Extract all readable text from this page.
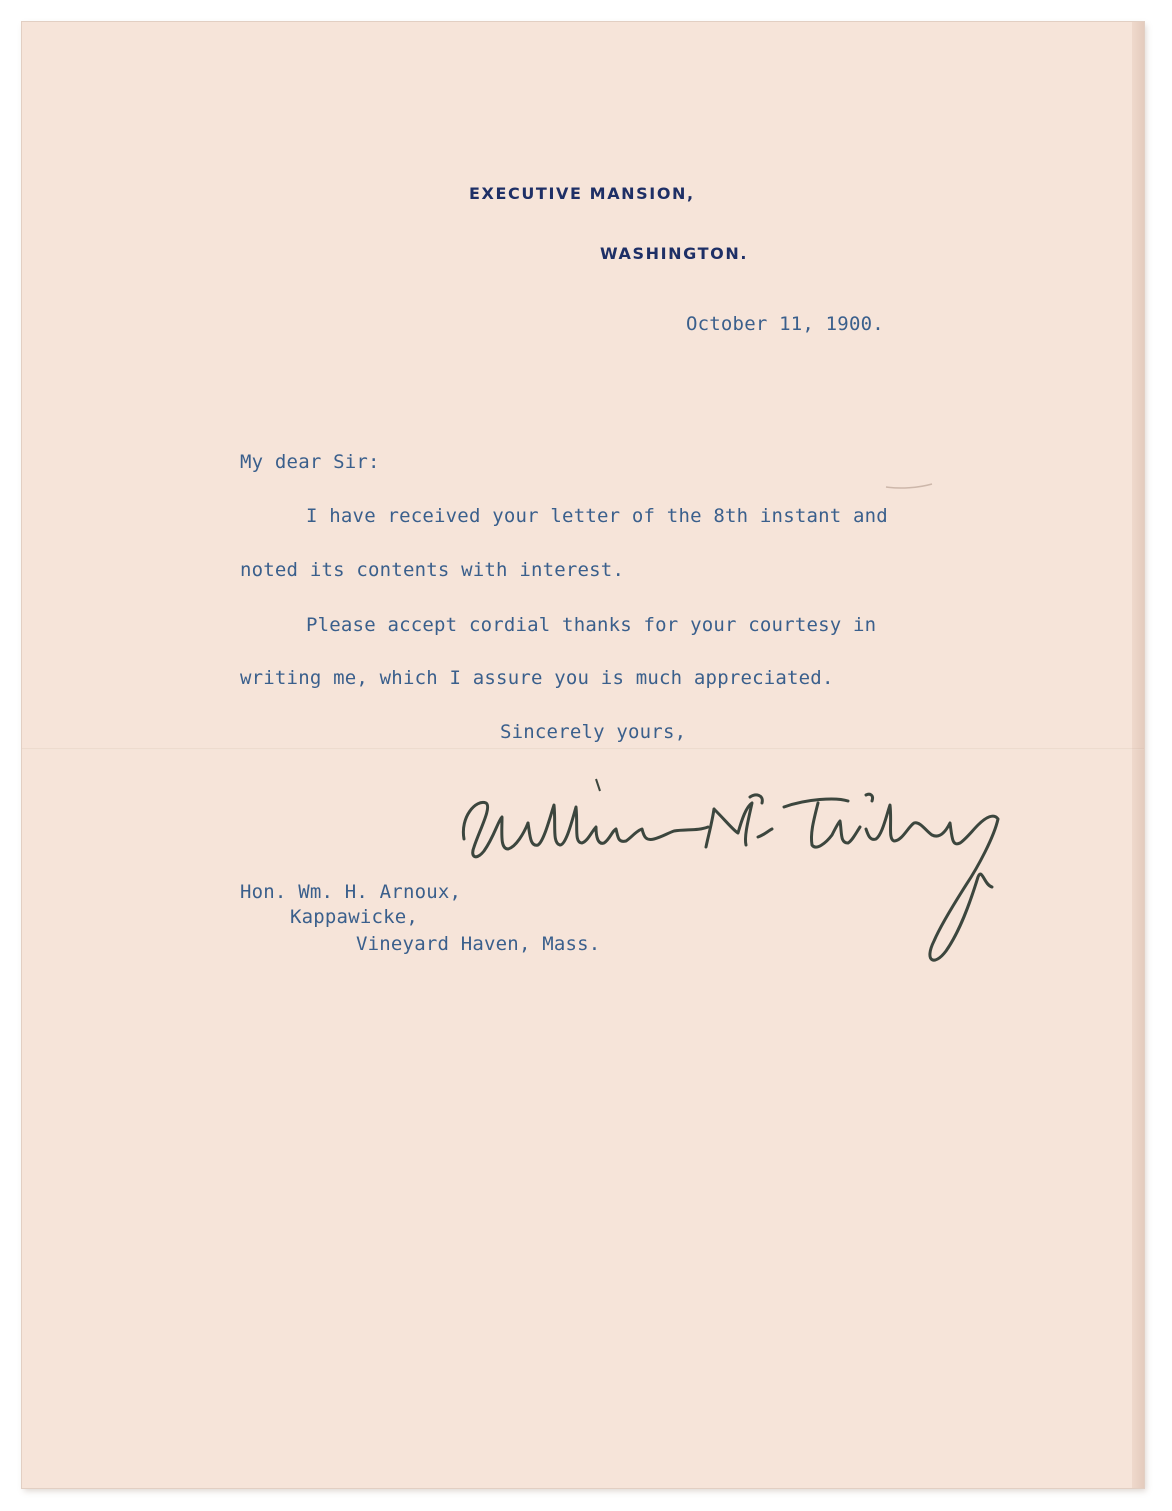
EXECUTIVE MANSION,
WASHINGTON.
October 11, 1900.
My dear Sir:
I have received your letter of the 8th instant and
noted its contents with interest.
Please accept cordial thanks for your courtesy in
writing me, which I assure you is much appreciated.
Sincerely yours,
Hon. Wm. H. Arnoux,
Kappawicke,
Vineyard Haven, Mass.
